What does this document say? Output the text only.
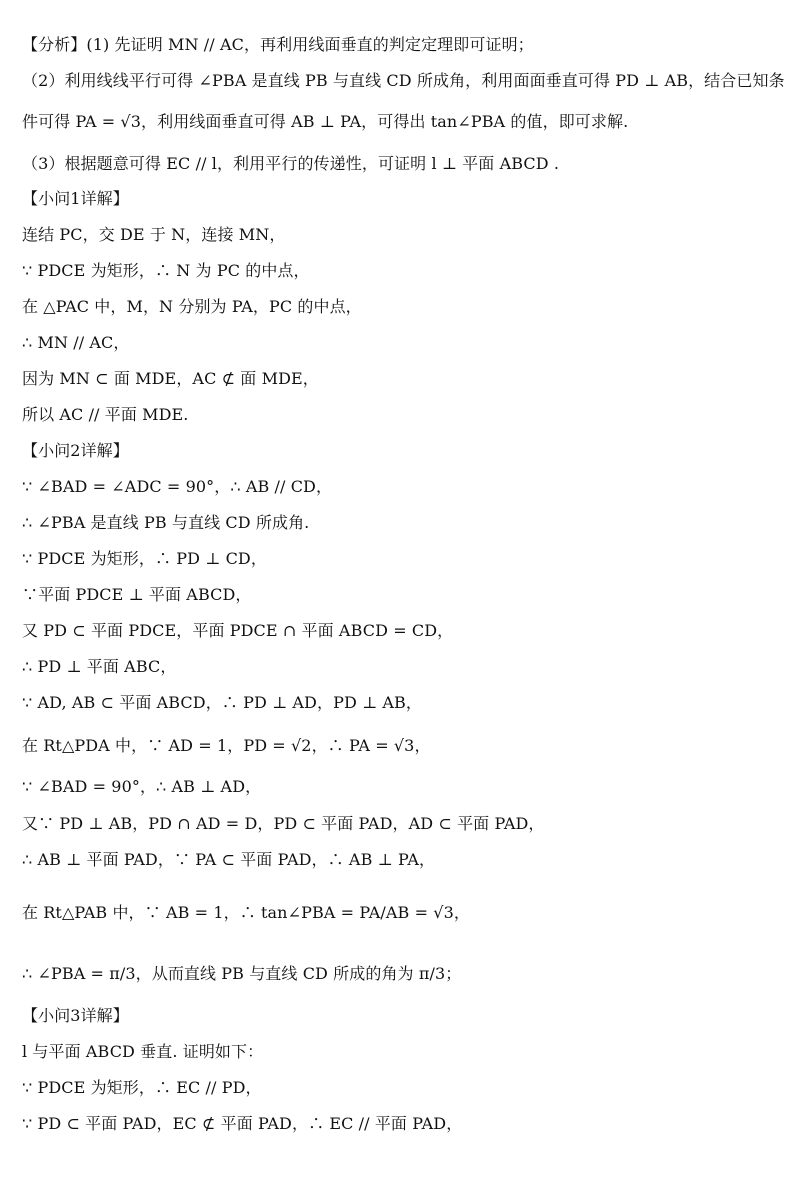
【分析】(1) 先证明 MN // AC，再利用线面垂直的判定定理即可证明；
（2）利用线线平行可得 ∠PBA 是直线 PB 与直线 CD 所成角，利用面面垂直可得 PD ⊥ AB，结合已知条
件可得 PA = √3，利用线面垂直可得 AB ⊥ PA，可得出 tan∠PBA 的值，即可求解.
（3）根据题意可得 EC // l，利用平行的传递性，可证明 l ⊥ 平面 ABCD .
【小问1详解】
连结 PC，交 DE 于 N，连接 MN，
∵ PDCE 为矩形，∴ N 为 PC 的中点，
在 △PAC 中，M，N 分别为 PA，PC 的中点，
∴ MN // AC，
因为 MN ⊂ 面 MDE，AC ⊄ 面 MDE，
所以 AC // 平面 MDE.
【小问2详解】
∵ ∠BAD = ∠ADC = 90°，∴ AB // CD，
∴ ∠PBA 是直线 PB 与直线 CD 所成角.
∵ PDCE 为矩形，∴ PD ⊥ CD，
∵平面 PDCE ⊥ 平面 ABCD，
又 PD ⊂ 平面 PDCE，平面 PDCE ∩ 平面 ABCD = CD，
∴ PD ⊥ 平面 ABC，
∵ AD, AB ⊂ 平面 ABCD，∴ PD ⊥ AD，PD ⊥ AB，
在 Rt△PDA 中，∵ AD = 1，PD = √2，∴ PA = √3，
∵ ∠BAD = 90°，∴ AB ⊥ AD，
又∵ PD ⊥ AB，PD ∩ AD = D，PD ⊂ 平面 PAD，AD ⊂ 平面 PAD，
∴ AB ⊥ 平面 PAD，∵ PA ⊂ 平面 PAD，∴ AB ⊥ PA，
在 Rt△PAB 中，∵ AB = 1，∴ tan∠PBA = PA/AB = √3，
∴ ∠PBA = π/3，从而直线 PB 与直线 CD 所成的角为 π/3；
【小问3详解】
l 与平面 ABCD 垂直. 证明如下：
∵ PDCE 为矩形，∴ EC // PD，
∵ PD ⊂ 平面 PAD，EC ⊄ 平面 PAD，∴ EC // 平面 PAD，
